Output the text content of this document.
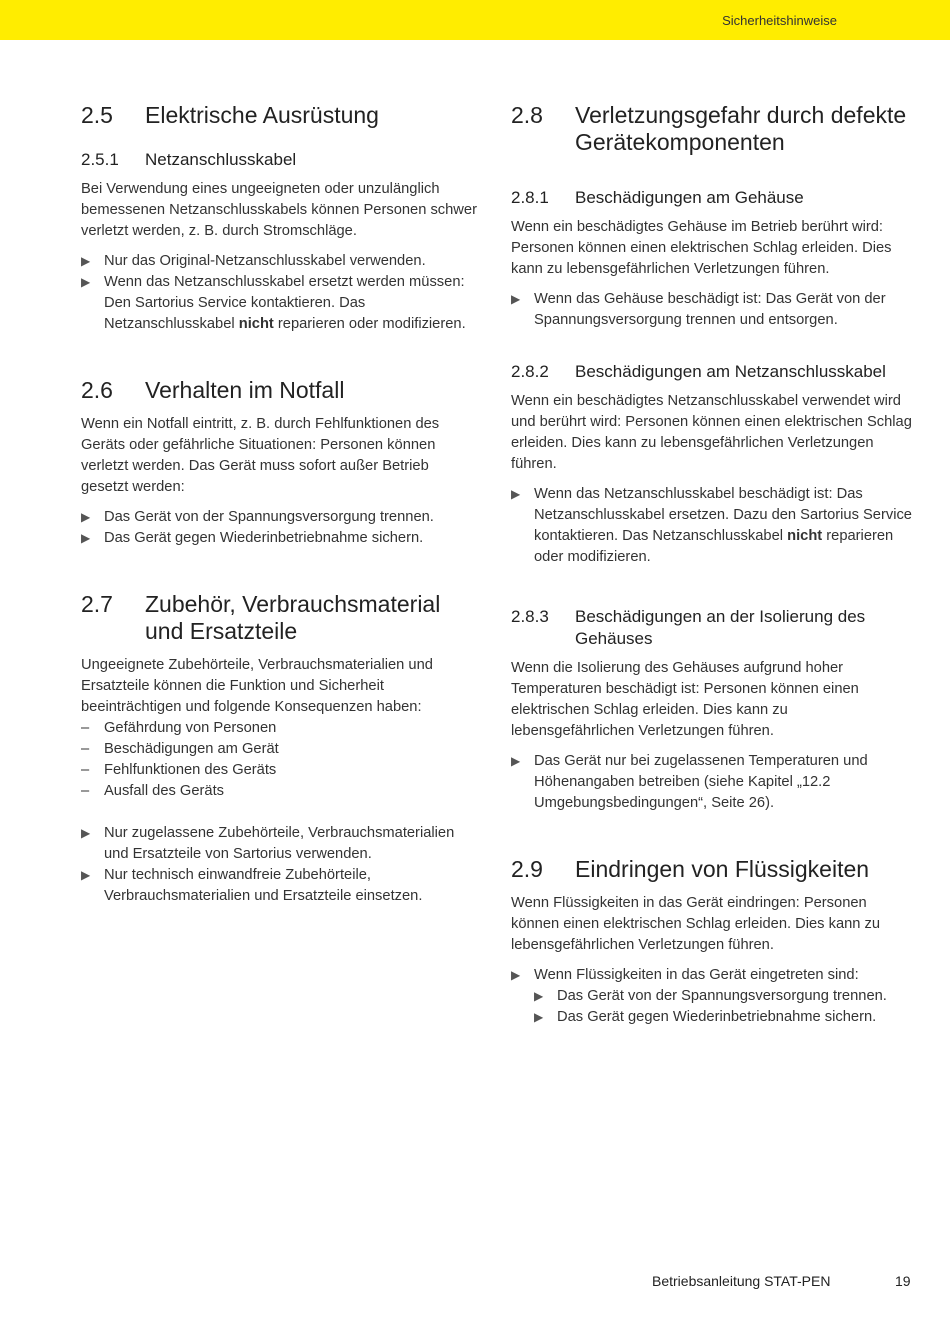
Sicherheitshinweise
2.5	Elektrische Ausrüstung
2.5.1	Netzanschlusskabel

Bei Verwendung eines ungeeigneten oder unzulänglich bemessenen Netzanschlusskabels können Personen schwer verletzt werden, z. B. durch Stromschläge.

▶ Nur das Original-Netzanschlusskabel verwenden.
▶ Wenn das Netzanschlusskabel ersetzt werden müssen: Den Sartorius Service kontaktieren. Das Netzanschlusskabel nicht reparieren oder modifizieren.
2.6	Verhalten im Notfall

Wenn ein Notfall eintritt, z. B. durch Fehlfunktionen des Geräts oder gefährliche Situationen: Personen können verletzt werden. Das Gerät muss sofort außer Betrieb gesetzt werden:

▶ Das Gerät von der Spannungsversorgung trennen.
▶ Das Gerät gegen Wiederinbetriebnahme sichern.
2.7	Zubehör, Verbrauchsmaterial und Ersatzteile

Ungeeignete Zubehörteile, Verbrauchsmaterialien und Ersatzteile können die Funktion und Sicherheit beeinträchtigen und folgende Konsequenzen haben:

– Gefährdung von Personen
– Beschädigungen am Gerät
– Fehlfunktionen des Geräts
– Ausfall des Geräts
▶ Nur zugelassene Zubehörteile, Verbrauchsmaterialien und Ersatzteile von Sartorius verwenden.
▶ Nur technisch einwandfreie Zubehörteile, Verbrauchsmaterialien und Ersatzteile einsetzen.
2.8	Verletzungsgefahr durch defekte Gerätekomponenten
2.8.1	Beschädigungen am Gehäuse

Wenn ein beschädigtes Gehäuse im Betrieb berührt wird: Personen können einen elektrischen Schlag erleiden. Dies kann zu lebensgefährlichen Verletzungen führen.

▶ Wenn das Gehäuse beschädigt ist: Das Gerät von der Spannungsversorgung trennen und entsorgen.
2.8.2	Beschädigungen am Netzanschlusskabel

Wenn ein beschädigtes Netzanschlusskabel verwendet wird und berührt wird: Personen können einen elektrischen Schlag erleiden. Dies kann zu lebensgefährlichen Verletzungen führen.

▶ Wenn das Netzanschlusskabel beschädigt ist: Das Netzanschlusskabel ersetzen. Dazu den Sartorius Service kontaktieren. Das Netzanschlusskabel nicht reparieren oder modifizieren.
2.8.3	Beschädigungen an der Isolierung des Gehäuses

Wenn die Isolierung des Gehäuses aufgrund hoher Temperaturen beschädigt ist: Personen können einen elektrischen Schlag erleiden. Dies kann zu lebensgefährlichen Verletzungen führen.

▶ Das Gerät nur bei zugelassenen Temperaturen und Höhenangaben betreiben (siehe Kapitel „12.2 Umgebungsbedingungen“, Seite 26).
2.9	Eindringen von Flüssigkeiten

Wenn Flüssigkeiten in das Gerät eindringen: Personen können einen elektrischen Schlag erleiden. Dies kann zu lebensgefährlichen Verletzungen führen.

▶ Wenn Flüssigkeiten in das Gerät eingetreten sind:
▶ Das Gerät von der Spannungsversorgung trennen.
▶ Das Gerät gegen Wiederinbetriebnahme sichern.
Betriebsanleitung STAT-PEN	19
